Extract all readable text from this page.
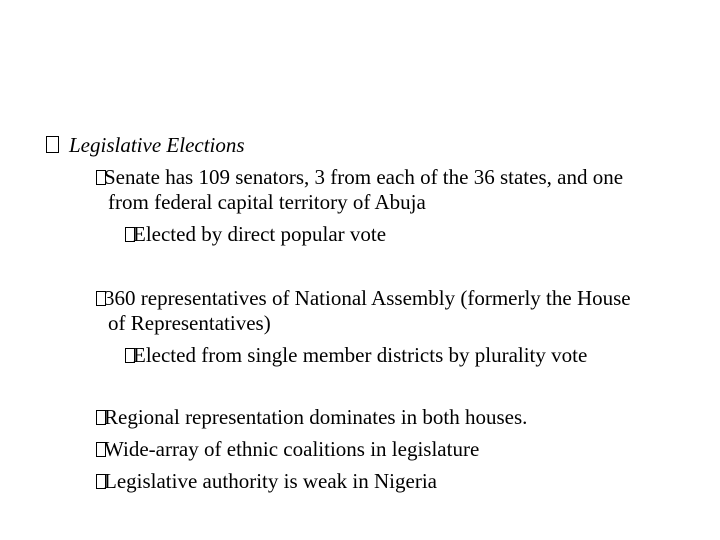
Legislative Elections
Senate has 109 senators, 3 from each of the 36 states, and one
from federal capital territory of Abuja
Elected by direct popular vote
360 representatives of National Assembly (formerly the House
of Representatives)
Elected from single member districts by plurality vote
Regional representation dominates in both houses.
Wide-array of ethnic coalitions in legislature
Legislative authority is weak in Nigeria
